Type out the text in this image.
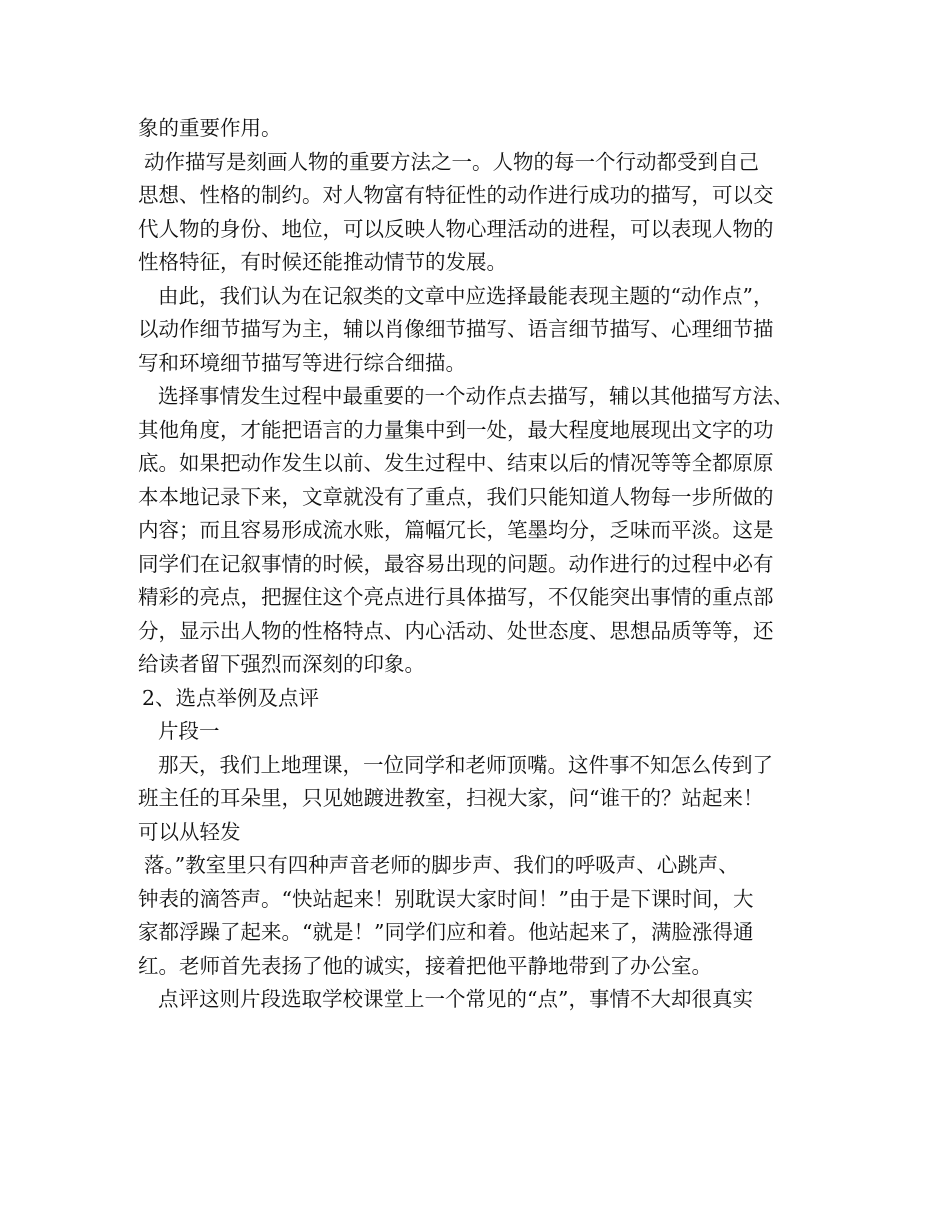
象的重要作用。
动作描写是刻画人物的重要方法之一。人物的每一个行动都受到自己
思想、性格的制约。对人物富有特征性的动作进行成功的描写，可以交
代人物的身份、地位，可以反映人物心理活动的进程，可以表现人物的
性格特征，有时候还能推动情节的发展。
由此，我们认为在记叙类的文章中应选择最能表现主题的“动作点”，
以动作细节描写为主，辅以肖像细节描写、语言细节描写、心理细节描
写和环境细节描写等进行综合细描。
选择事情发生过程中最重要的一个动作点去描写，辅以其他描写方法、
其他角度，才能把语言的力量集中到一处，最大程度地展现出文字的功
底。如果把动作发生以前、发生过程中、结束以后的情况等等全都原原
本本地记录下来，文章就没有了重点，我们只能知道人物每一步所做的
内容；而且容易形成流水账，篇幅冗长，笔墨均分，乏味而平淡。这是
同学们在记叙事情的时候，最容易出现的问题。动作进行的过程中必有
精彩的亮点，把握住这个亮点进行具体描写，不仅能突出事情的重点部
分，显示出人物的性格特点、内心活动、处世态度、思想品质等等，还
给读者留下强烈而深刻的印象。
2、选点举例及点评
片段一
那天，我们上地理课，一位同学和老师顶嘴。这件事不知怎么传到了
班主任的耳朵里，只见她踱进教室，扫视大家，问“谁干的？站起来！
可以从轻发
落。”教室里只有四种声音老师的脚步声、我们的呼吸声、心跳声、
钟表的滴答声。“快站起来！别耽误大家时间！”由于是下课时间，大
家都浮躁了起来。“就是！”同学们应和着。他站起来了，满脸涨得通
红。老师首先表扬了他的诚实，接着把他平静地带到了办公室。
点评这则片段选取学校课堂上一个常见的“点”，事情不大却很真实
